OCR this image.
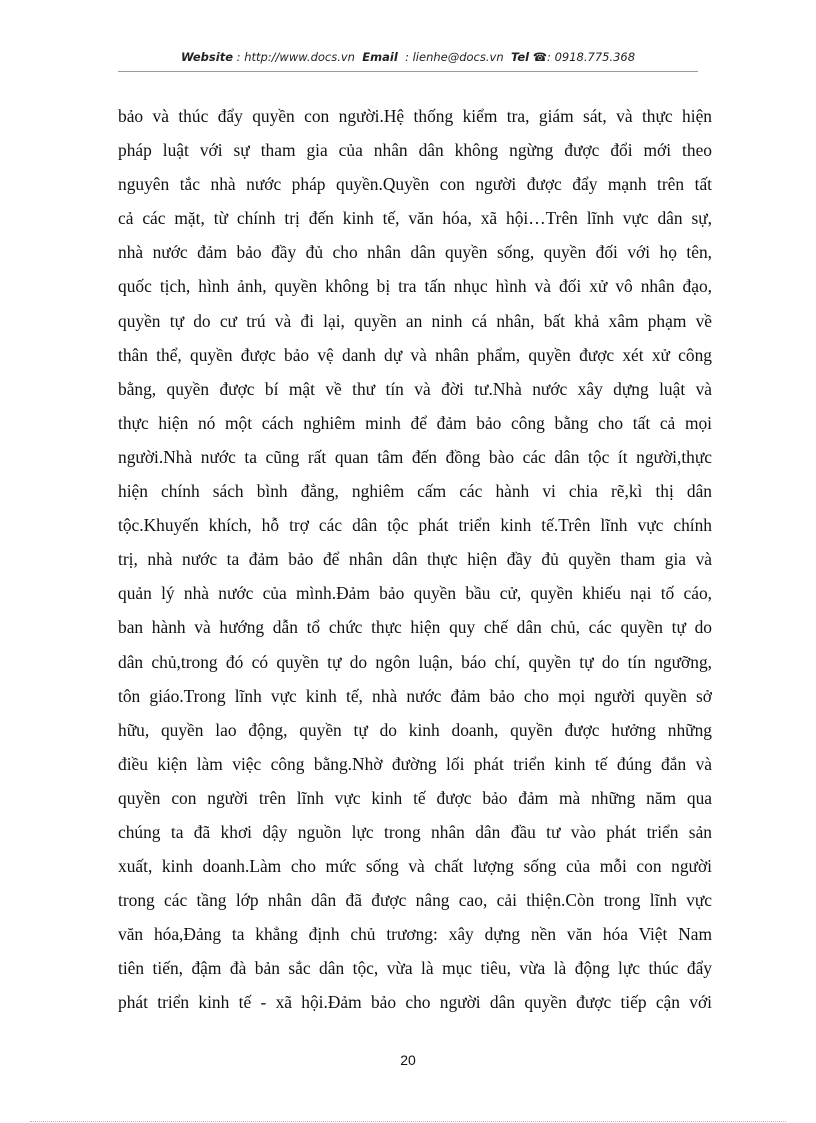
Website : http://www.docs.vn Email : lienhe@docs.vn Tel ☎: 0918.775.368
bảo và thúc đẩy quyền con người.Hệ thống kiểm tra, giám sát, và thực hiện
pháp luật với sự tham gia của nhân dân không ngừng được đổi mới theo
nguyên tắc nhà nước pháp quyền.Quyền con người được đẩy mạnh trên tất
cả các mặt, từ chính trị đến kinh tế, văn hóa, xã hội…Trên lĩnh vực dân sự,
nhà nước đảm bảo đầy đủ cho nhân dân quyền sống, quyền đối với họ tên,
quốc tịch, hình ảnh, quyền không bị tra tấn nhục hình và đối xử vô nhân đạo,
quyền tự do cư trú và đi lại, quyền an ninh cá nhân, bất khả xâm phạm về
thân thể, quyền được bảo vệ danh dự và nhân phẩm, quyền được xét xử công
bằng, quyền được bí mật về thư tín và đời tư.Nhà nước xây dựng luật và
thực hiện nó một cách nghiêm minh để đảm bảo công bằng cho tất cả mọi
người.Nhà nước ta cũng rất quan tâm đến đồng bào các dân tộc ít người,thực
hiện chính sách bình đẳng, nghiêm cấm các hành vi chia rẽ,kì thị dân
tộc.Khuyến khích, hỗ trợ các dân tộc phát triển kinh tế.Trên lĩnh vực chính
trị, nhà nước ta đảm bảo để nhân dân thực hiện đầy đủ quyền tham gia và
quản lý nhà nước của mình.Đảm bảo quyền bầu cử, quyền khiếu nại tố cáo,
ban hành và hướng dẫn tổ chức thực hiện quy chế dân chủ, các quyền tự do
dân chủ,trong đó có quyền tự do ngôn luận, báo chí, quyền tự do tín ngưỡng,
tôn giáo.Trong lĩnh vực kinh tế, nhà nước đảm bảo cho mọi người quyền sở
hữu, quyền lao động, quyền tự do kinh doanh, quyền được hưởng những
điều kiện làm việc công bằng.Nhờ đường lối phát triển kinh tế đúng đắn và
quyền con người trên lĩnh vực kinh tế được bảo đảm mà những năm qua
chúng ta đã khơi dậy nguồn lực trong nhân dân đầu tư vào phát triển sản
xuất, kinh doanh.Làm cho mức sống và chất lượng sống của mỗi con người
trong các tầng lớp nhân dân đã được nâng cao, cải thiện.Còn trong lĩnh vực
văn hóa,Đảng ta khẳng định chủ trương: xây dựng nền văn hóa Việt Nam
tiên tiến, đậm đà bản sắc dân tộc, vừa là mục tiêu, vừa là động lực thúc đẩy
phát triển kinh tế - xã hội.Đảm bảo cho người dân quyền được tiếp cận với
20
